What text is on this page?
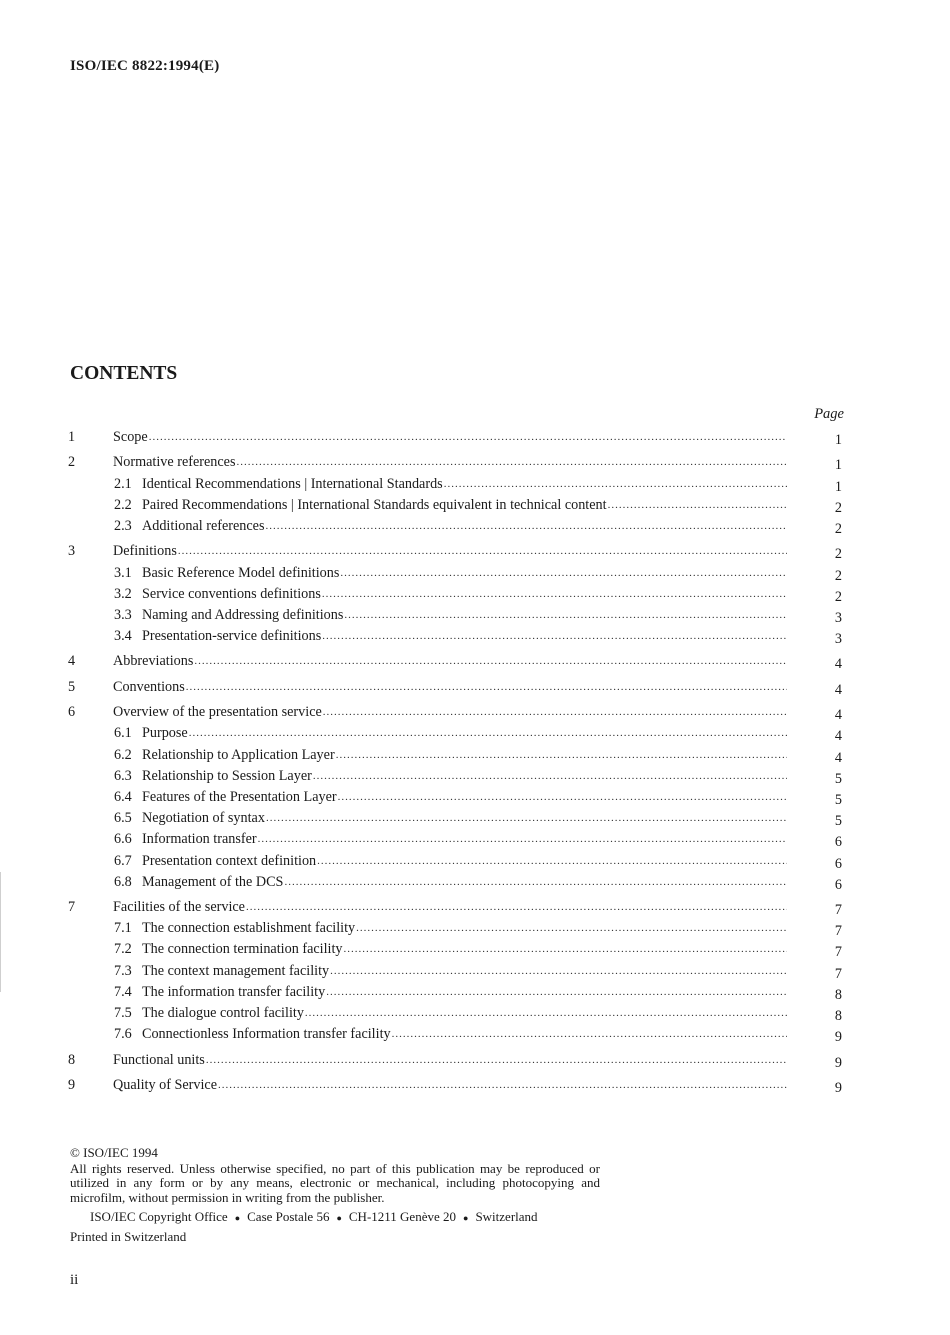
ISO/IEC 8822:1994(E)
CONTENTS
Page
1	Scope .....	1
2	Normative references .....	1
2.1 Identical Recommendations | International Standards .....	1
2.2 Paired Recommendations | International Standards equivalent in technical content .....	2
2.3 Additional references .....	2
3	Definitions .....	2
3.1 Basic Reference Model definitions .....	2
3.2 Service conventions definitions .....	2
3.3 Naming and Addressing definitions .....	3
3.4 Presentation-service definitions .....	3
4	Abbreviations .....	4
5	Conventions .....	4
6	Overview of the presentation service .....	4
6.1 Purpose .....	4
6.2 Relationship to Application Layer .....	4
6.3 Relationship to Session Layer .....	5
6.4 Features of the Presentation Layer .....	5
6.5 Negotiation of syntax .....	5
6.6 Information transfer .....	6
6.7 Presentation context definition .....	6
6.8 Management of the DCS .....	6
7	Facilities of the service .....	7
7.1 The connection establishment facility .....	7
7.2 The connection termination facility .....	7
7.3 The context management facility .....	7
7.4 The information transfer facility .....	8
7.5 The dialogue control facility .....	8
7.6 Connectionless Information transfer facility .....	9
8	Functional units .....	9
9	Quality of Service .....	9
© ISO/IEC 1994
All rights reserved. Unless otherwise specified, no part of this publication may be reproduced or utilized in any form or by any means, electronic or mechanical, including photocopying and microfilm, without permission in writing from the publisher.
ISO/IEC Copyright Office ● Case Postale 56 ● CH-1211 Genève 20 ● Switzerland
Printed in Switzerland
ii
